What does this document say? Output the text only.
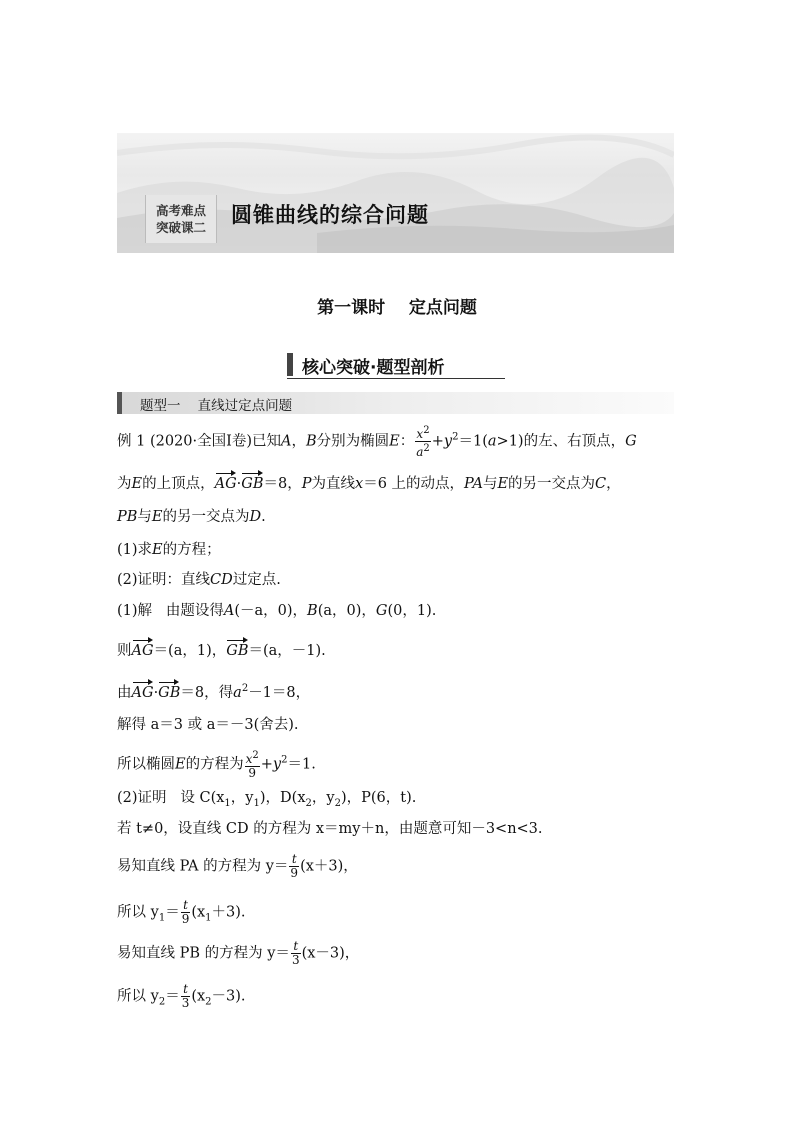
高考难点
突破课二
圆锥曲线的综合问题
第一课时    定点问题
核心突破·题型剖析
题型一    直线过定点问题
例 1 (2020·全国Ⅰ卷)已知A，B分别为椭圆E： $\frac{x^2}{a^2} +y^2=1(a>1)$的左、右顶点，G
为E的上顶点，AG·GB＝8，P为直线x＝6 上的动点，PA与E的另一交点为C，
PB与E的另一交点为D.
(1)求E的方程；
(2)证明：直线CD过定点.
(1)解 由题设得A(－a，0)，B(a，0)，G(0，1).
则AG＝(a，1)，GB＝(a，－1).
由AG·GB＝8，得$a^2-1=8$，
解得 a＝3 或 a＝－3(舍去).
所以椭圆E的方程为 $\frac{x^2}{9} +y^2=1$.
(2)证明 设 $C(x_1$，$y_1$)，$D(x_2$，$y_2$)，P(6，t).
若 t≠0，设直线 CD 的方程为 x＝my＋n，由题意可知－3<n<3.
易知直线 PA 的方程为 $y= \frac{t}{9} (x+3)$，
所以 $y_1= \frac{t}{9} (x_1+3)$.
易知直线 PB 的方程为 $y= \frac{t}{3} (x-3)$，
所以 $y_2= \frac{t}{3} (x_2-3)$.
